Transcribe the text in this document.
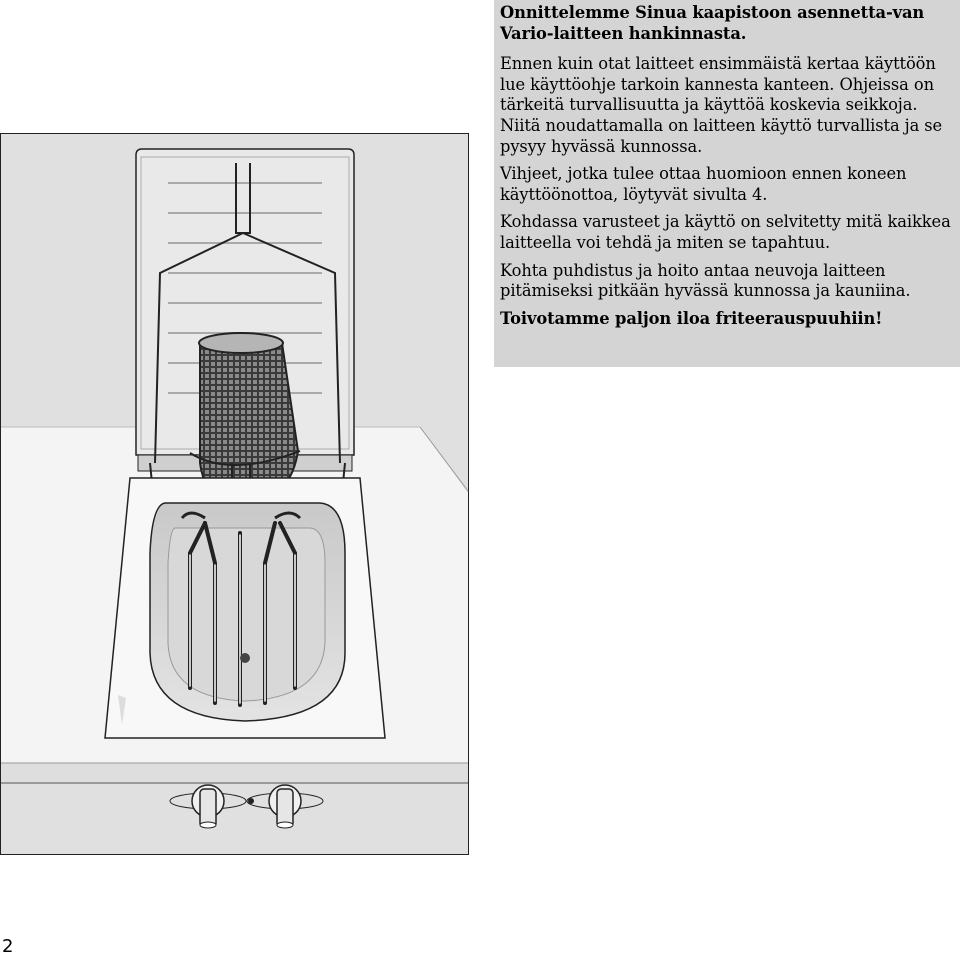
Onnittelemme Sinua kaapistoon asennetta-van Vario-laitteen hankinnasta.

Ennen kuin otat laitteet ensimmäistä kertaa käyttöön lue käyttöohje tarkoin kannesta kanteen. Ohjeissa on tärkeitä turvallisuutta ja käyttöä koskevia seikkoja. Niitä noudattamalla on laitteen käyttö turvallista ja se pysyy hyvässä kunnossa.

Vihjeet, jotka tulee ottaa huomioon ennen koneen käyttöönottoa, löytyvät sivulta 4.

Kohdassa varusteet ja käyttö on selvitetty mitä kaikkea laitteella voi tehdä ja miten se tapahtuu.

Kohta puhdistus ja hoito antaa neuvoja laitteen pitämiseksi pitkään hyvässä kunnossa ja kauniina.

Toivotamme paljon iloa friteerauspuuhiin!

2
